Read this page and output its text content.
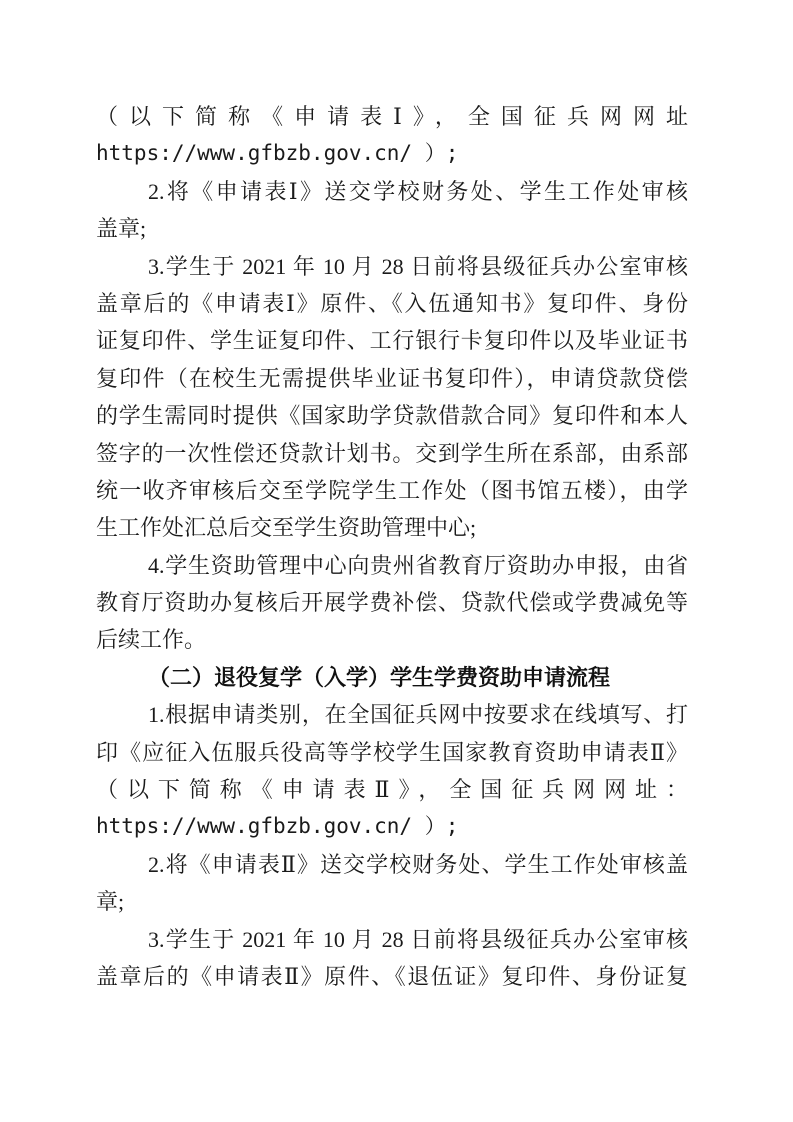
（以下简称《申请表Ⅰ》，全国征兵网网址
https://www.gfbzb.gov.cn/ ）;
2.将《申请表Ⅰ》送交学校财务处、学生工作处审核
盖章;
3.学生于 2021 年 10 月 28 日前将县级征兵办公室审核
盖章后的《申请表Ⅰ》原件、《入伍通知书》复印件、身份
证复印件、学生证复印件、工行银行卡复印件以及毕业证书
复印件（在校生无需提供毕业证书复印件），申请贷款贷偿
的学生需同时提供《国家助学贷款借款合同》复印件和本人
签字的一次性偿还贷款计划书。交到学生所在系部，由系部
统一收齐审核后交至学院学生工作处（图书馆五楼），由学
生工作处汇总后交至学生资助管理中心;
4.学生资助管理中心向贵州省教育厅资助办申报，由省
教育厅资助办复核后开展学费补偿、贷款代偿或学费减免等
后续工作。
（二）退役复学（入学）学生学费资助申请流程
1.根据申请类别，在全国征兵网中按要求在线填写、打
印《应征入伍服兵役高等学校学生国家教育资助申请表Ⅱ》
（以下简称《申请表Ⅱ》，全国征兵网网址：
https://www.gfbzb.gov.cn/ ）;
2.将《申请表Ⅱ》送交学校财务处、学生工作处审核盖
章;
3.学生于 2021 年 10 月 28 日前将县级征兵办公室审核
盖章后的《申请表Ⅱ》原件、《退伍证》复印件、身份证复
